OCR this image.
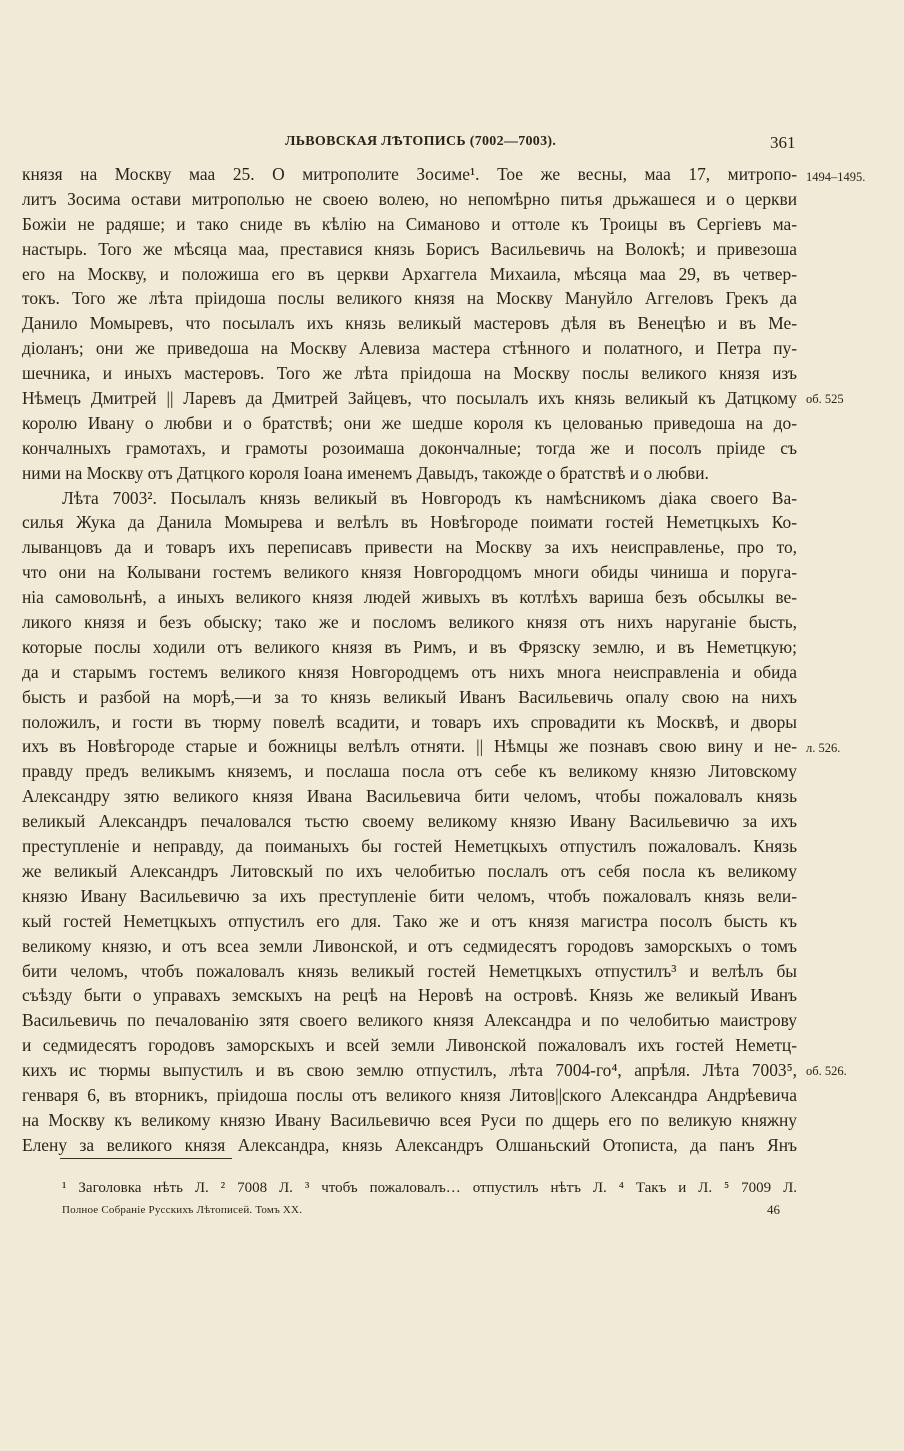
ЛЬВОВСКАЯ ЛѢТОПИСЬ (7002—7003).	361
князя на Москву маа 25. О митрополите Зосиме¹. Тое же весны, маа 17, митропо-
литъ Зосима остави митрополью не своею волею, но непомѣрно питья дрьжашеся и о церкви
Божіи не радяше; и тако сниде въ кѣлію на Симаново и оттоле къ Троицы въ Сергіевъ ма-
настырь. Того же мѣсяца маа, преставися князь Борисъ Васильевичь на Волокѣ; и привезоша
его на Москву, и положиша его въ церкви Архаггела Михаила, мѣсяца маа 29, въ четвер-
токъ. Того же лѣта пріидоша послы великого князя на Москву Мануйло Аггеловъ Грекъ да
Данило Момыревъ, что посылалъ ихъ князь великый мастеровъ дѣля въ Венецѣю и въ Ме-
діоланъ; они же приведоша на Москву Алевиза мастера стѣнного и полатного, и Петра пу-
шечника, и иныхъ мастеровъ. Того же лѣта пріидоша на Москву послы великого князя изъ
Нѣмецъ Дмитрей || Ларевъ да Дмитрей Зайцевъ, что посылалъ ихъ князь великый къ Датцкому
королю Ивану о любви и о братствѣ; они же шедше короля къ целованью приведоша на до-
кончалныхъ грамотахъ, и грамоты розоимаша докончалные; тогда же и посолъ пріиде съ
ними на Москву отъ Датцкого короля Іоана именемъ Давыдъ, такожде о братствѣ и о любви.
Лѣта 7003². Посылалъ князь великый въ Новгородъ къ намѣсникомъ діака своего Ва-
силья Жука да Данила Момырева и велѣлъ въ Новѣгороде поимати гостей Неметцкыхъ Ко-
лыванцовъ да и товаръ ихъ переписавъ привести на Москву за ихъ неисправленье, про то,
что они на Колывани гостемъ великого князя Новгородцомъ многи обиды чиниша и поруга-
ніа самовольнѣ, а иныхъ великого князя людей живыхъ въ котлѣхъ вариша безъ обсылкы ве-
ликого князя и безъ обыску; тако же и посломъ великого князя отъ нихъ наруганіе бысть,
которые послы ходили отъ великого князя въ Римъ, и въ Фрязску землю, и въ Неметцкую;
да и старымъ гостемъ великого князя Новгородцемъ отъ нихъ многа неисправленіа и обида
бысть и разбой на морѣ,—и за то князь великый Иванъ Васильевичь опалу свою на нихъ
положилъ, и гости въ тюрму повелѣ всадити, и товаръ ихъ спровадити къ Москвѣ, и дворы
ихъ въ Новѣгороде старые и божницы велѣлъ отняти. || Нѣмцы же познавъ свою вину и не-
правду предъ великымъ княземъ, и послаша посла отъ себе къ великому князю Литовскому
Александру зятю великого князя Ивана Васильевича бити челомъ, чтобы пожаловалъ князь
великый Александръ печаловался тьстю своему великому князю Ивану Васильевичю за ихъ
преступленіе и неправду, да поиманыхъ бы гостей Неметцкыхъ отпустилъ пожаловалъ. Князь
же великый Александръ Литовскый по ихъ челобитью послалъ отъ себя посла къ великому
князю Ивану Васильевичю за ихъ преступленіе бити челомъ, чтобъ пожаловалъ князь вели-
кый гостей Неметцкыхъ отпустилъ его для. Тако же и отъ князя магистра посолъ бысть къ
великому князю, и отъ всеа земли Ливонской, и отъ седмидесятъ городовъ заморскыхъ о томъ
бити челомъ, чтобъ пожаловалъ князь великый гостей Неметцкыхъ отпустилъ³ и велѣлъ бы
съѣзду быти о управахъ земскыхъ на рецѣ на Неровѣ на островѣ. Князь же великый Иванъ
Васильевичь по печалованію зятя своего великого князя Александра и по челобитью маистрову
и седмидесятъ городовъ заморскыхъ и всей земли Ливонской пожаловалъ ихъ гостей Неметц-
кихъ ис тюрмы выпустилъ и въ свою землю отпустилъ, лѣта 7004-го⁴, апрѣля. Лѣта 7003⁵,
генваря 6, въ вторникъ, пріидоша послы отъ великого князя Литов||ского Александра Андрѣевича
на Москву къ великому князю Ивану Васильевичю всея Руси по дщерь его по великую княжну
Елену за великого князя Александра, князь Александръ Олшаньский Отописта, да панъ Янъ
1494–1495.
об. 525
л. 526.
об. 526.
¹ Заголовка нѣть Л. ² 7008 Л. ³ чтобъ пожаловалъ… отпустилъ нѣтъ Л. ⁴ Такъ и Л. ⁵ 7009 Л.
Полное Собраніе Русскихъ Лѣтописей. Томъ XX.	46
